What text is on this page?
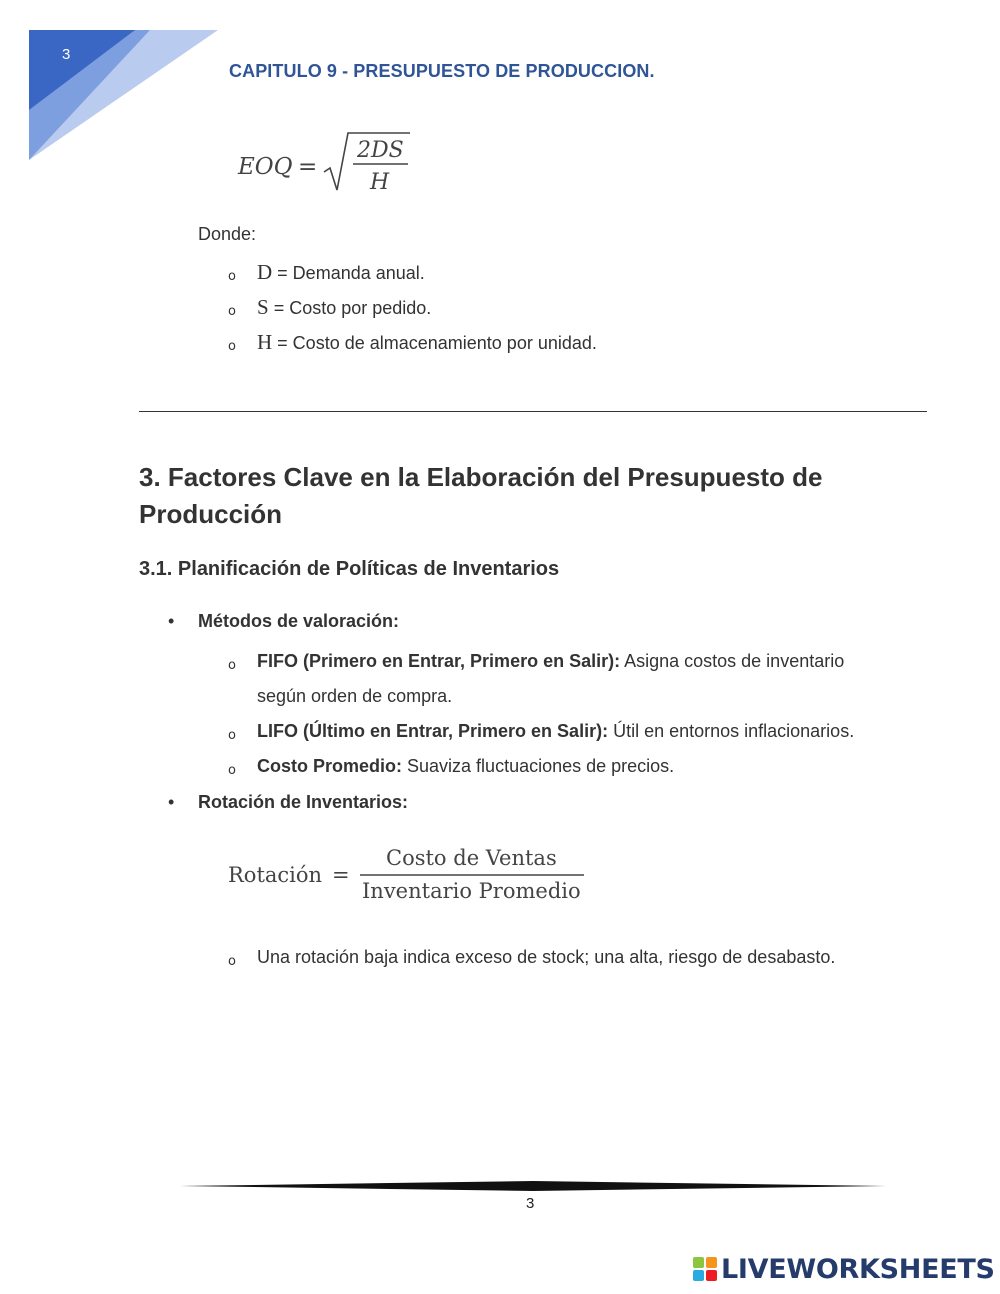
3
CAPITULO 9 - PRESUPUESTO DE PRODUCCION.
EOQ =
2DS
H
Donde:
o D = Demanda anual.
o S = Costo por pedido.
o H = Costo de almacenamiento por unidad.
3. Factores Clave en la Elaboración del Presupuesto de Producción
3.1. Planificación de Políticas de Inventarios
• Métodos de valoración:
o FIFO (Primero en Entrar, Primero en Salir): Asigna costos de inventario
según orden de compra.
o LIFO (Último en Entrar, Primero en Salir): Útil en entornos inflacionarios.
o Costo Promedio: Suaviza fluctuaciones de precios.
• Rotación de Inventarios:
Rotación =
Costo de Ventas
Inventario Promedio
o Una rotación baja indica exceso de stock; una alta, riesgo de desabasto.
3
LIVEWORKSHEETS
